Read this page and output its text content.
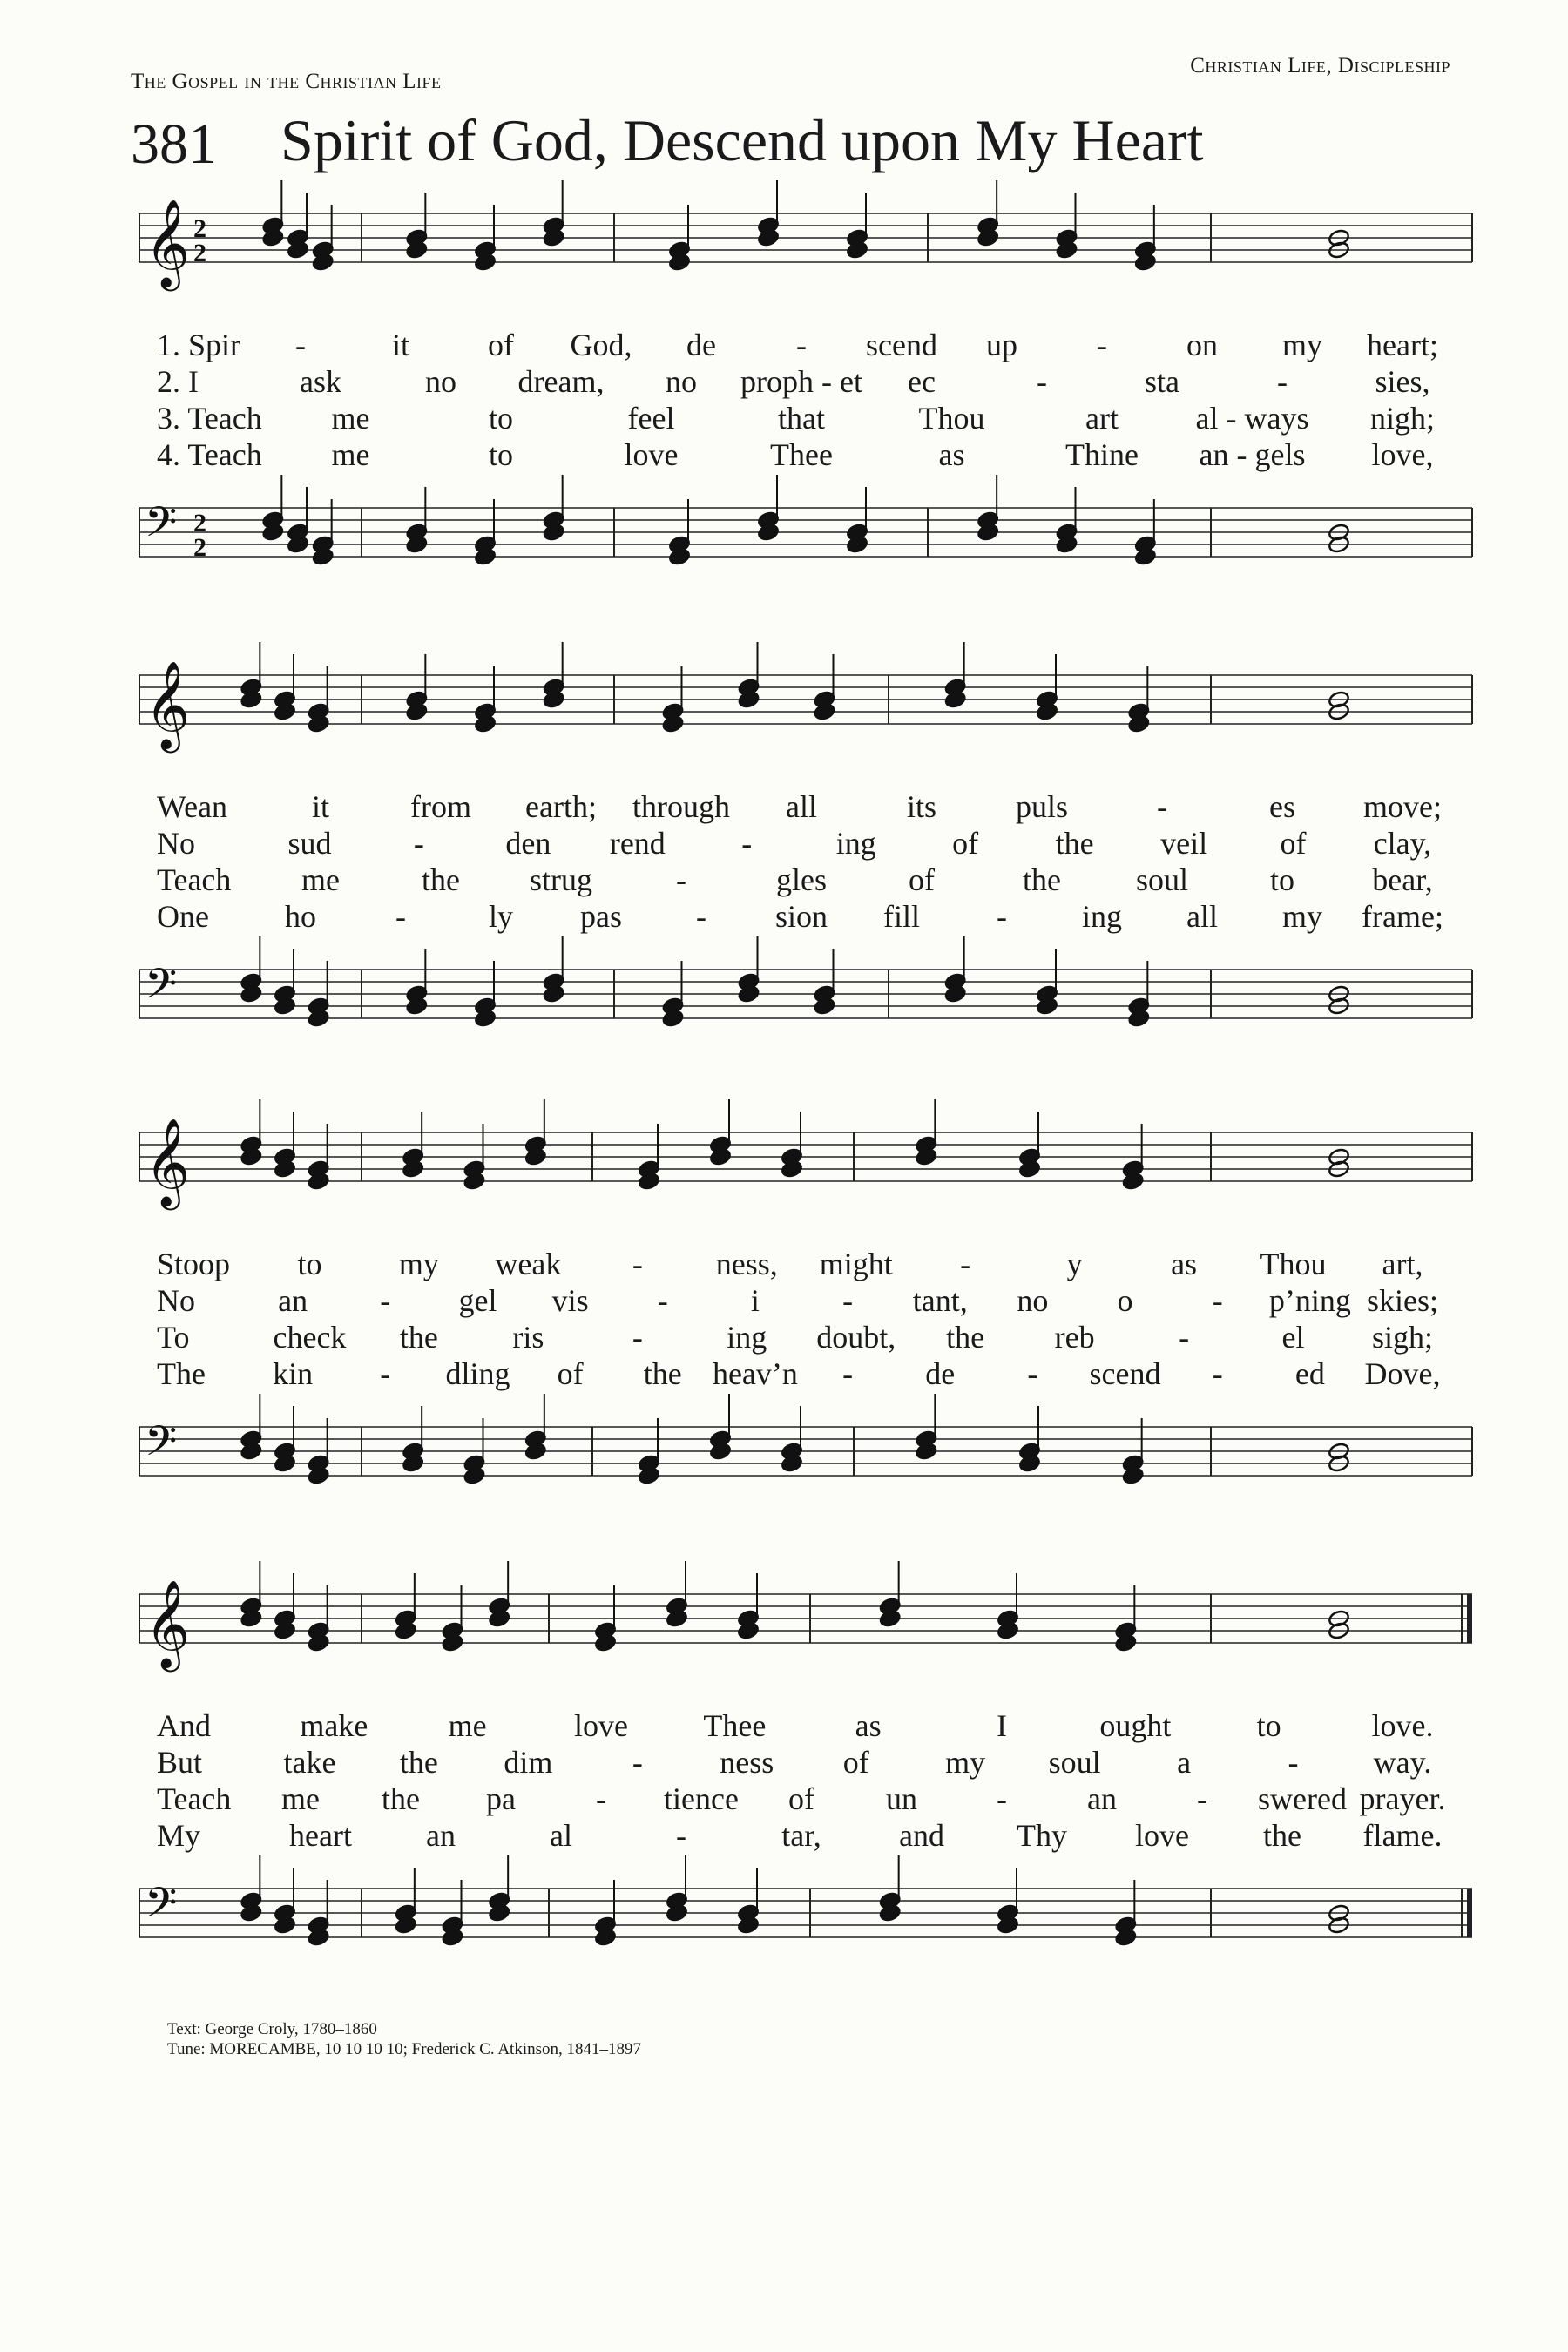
The Gospel in the Christian Life
Christian Life, Discipleship
381 Spirit of God, Descend upon My Heart
𝄞 2
2
𝄢 2
2
1. Spir -	it of God, de	- scend up	-	on my heart;
2. I	ask	no dream, no proph - et ec	-	sta	-	sies,
3. Teach me	to	feel	that	Thou	art al - ways nigh;
4. Teach me	to	love	Thee	as	Thine an - gels love,
𝄞
𝄢
Wean	it	from earth; through all	its	puls	-	es move;
No	sud	-	den rend -	ing of the veil of clay,
Teach me	the strug	-	gles	of	the soul	to bear,
One ho	-	ly pas - sion fill - ing all my frame;
𝄞
𝄢
Stoop to my weak - ness, might -	y	as Thou art,
No	an - gel vis -	i	- tant, no o	- p’ning skies;
To	check the ris	-	ing doubt, the reb	-	el sigh;
The kin - dling of the heav’n - de - scend - ed Dove,
𝄞
𝄢
And	make	me	love Thee	as	I	ought	to	love.
But	take the dim	- ness of my soul a	- way.
Teach me the pa	- tience of un	-	an	- swered prayer.
My	heart an	al	-	tar, and Thy love the flame.
Text: George Croly, 1780–1860
Tune: MORECAMBE, 10 10 10 10; Frederick C. Atkinson, 1841–1897
